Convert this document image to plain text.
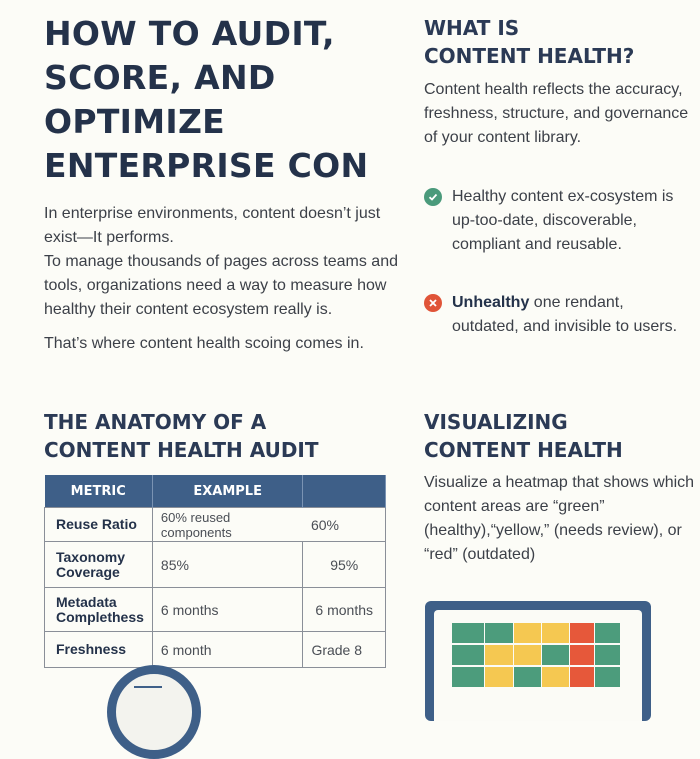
HOW TO AUDIT,
SCORE, AND
OPTIMIZE
ENTERPRISE CON

In enterprise environments, content doesn’t just exist—It performs.

To manage thousands of pages across teams and tools, organizations need a way to measure how healthy their content ecosystem really is.

That’s where content health scoing comes in.

WHAT IS
CONTENT HEALTH?
Content health reflects the accuracy, freshness, structure, and governance of your content library.
Healthy content ex-cosystem is up-too-date, discoverable, compliant and reusable.
Unhealthy one rendant, outdated, and invisible to users.
THE ANATOMY OF A
CONTENT HEALTH AUDIT
METRIC	EXAMPLE	
Reuse Ratio	60% reused components	60%
Taxonomy Coverage	85%	95%
Metadata Complethess	6 months	6 months
Freshness	6 month	Grade 8
VISUALIZING
CONTENT HEALTH
Visualize a heatmap that shows which content areas are “green” (healthy),“yellow,” (needs review), or “red” (outdated)
